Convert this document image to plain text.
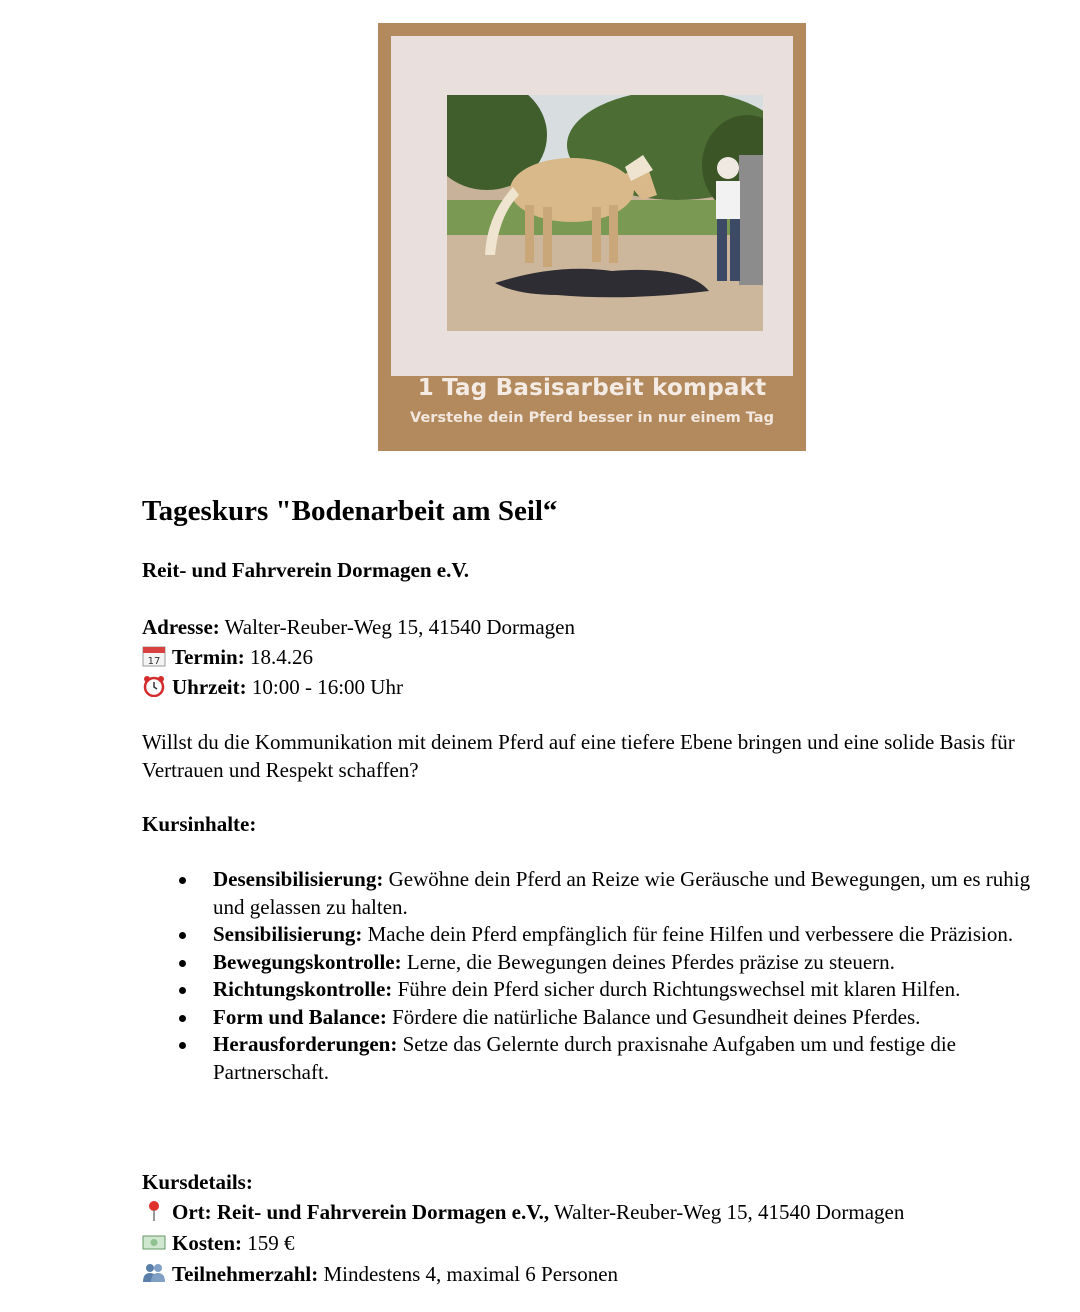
1 Tag Basisarbeit kompakt
Verstehe dein Pferd besser in nur einem Tag
Tageskurs "Bodenarbeit am Seil“
Reit- und Fahrverein Dormagen e.V.
Adresse: Walter-Reuber-Weg 15, 41540 Dormagen
17 Termin: 18.4.26
Uhrzeit: 10:00 - 16:00 Uhr
Willst du die Kommunikation mit deinem Pferd auf eine tiefere Ebene bringen und eine solide Basis für Vertrauen und Respekt schaffen?
Kursinhalte:
Desensibilisierung: Gewöhne dein Pferd an Reize wie Geräusche und Bewegungen, um es ruhig und gelassen zu halten.
Sensibilisierung: Mache dein Pferd empfänglich für feine Hilfen und verbessere die Präzision.
Bewegungskontrolle: Lerne, die Bewegungen deines Pferdes präzise zu steuern.
Richtungskontrolle: Führe dein Pferd sicher durch Richtungswechsel mit klaren Hilfen.
Form und Balance: Fördere die natürliche Balance und Gesundheit deines Pferdes.
Herausforderungen: Setze das Gelernte durch praxisnahe Aufgaben um und festige die Partnerschaft.
Kursdetails:
Ort: Reit- und Fahrverein Dormagen e.V., Walter-Reuber-Weg 15, 41540 Dormagen
Kosten: 159 €
Teilnehmerzahl: Mindestens 4, maximal 6 Personen
